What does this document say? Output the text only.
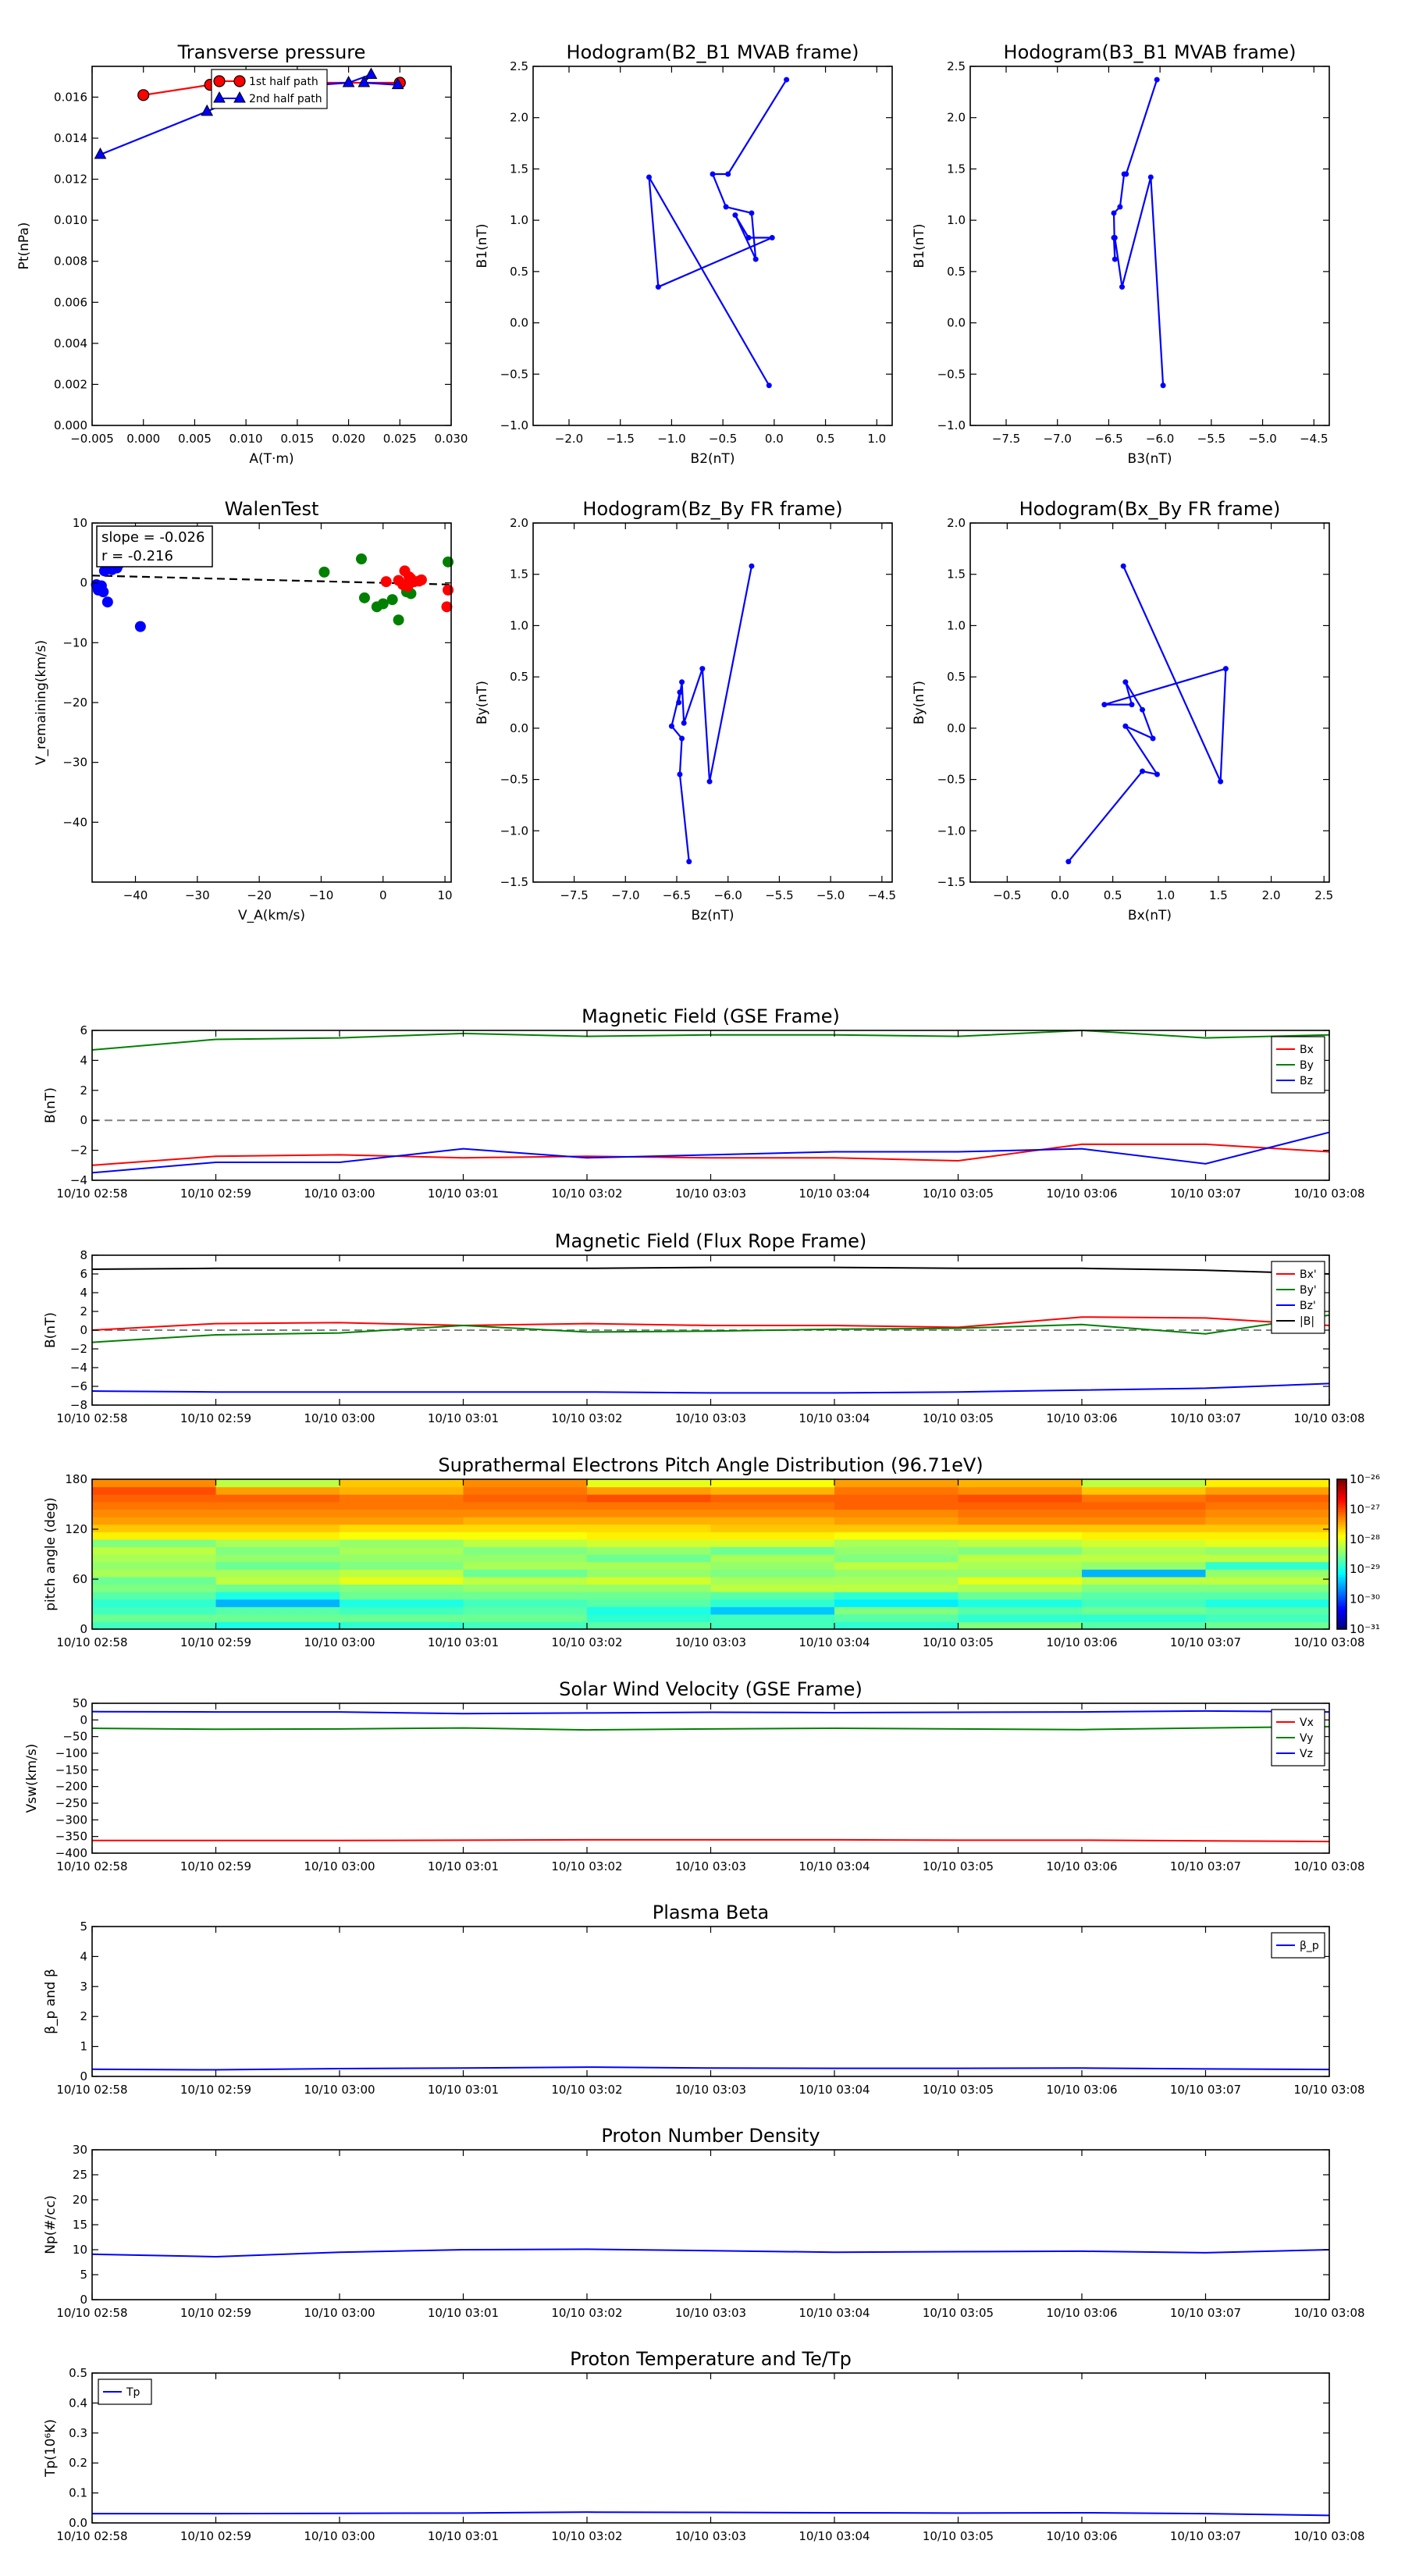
Transverse pressure
−0.005 0.000 0.005 0.010 0.015 0.020 0.025 0.030
0.000
0.002
0.004
0.006
0.008
0.010
0.012
0.014
0.016
A(T·m)
Pt(nPa)
1st half path
2nd half path
Hodogram(B2_B1 MVAB frame)
−2.0 −1.5 −1.0 −0.5 0.0	0.5	1.0
−1.0
−0.5
0.0
0.5
1.0
1.5
2.0
2.5
B2(nT)
B1(nT)
Hodogram(B3_B1 MVAB frame)
−7.5 −7.0 −6.5 −6.0 −5.5 −5.0 −4.5
−1.0
−0.5
0.0
0.5
1.0
1.5
2.0
2.5
B3(nT)
B1(nT)
WalenTest
−40	−30	−20	−10	0	10
−40
−30
−20
−10
0
10
V_A(km/s)
V_remaining(km/s)
slope = -0.026
r = -0.216
Hodogram(Bz_By FR frame)
−7.5 −7.0 −6.5 −6.0 −5.5 −5.0 −4.5
−1.5
−1.0
−0.5
0.0
0.5
1.0
1.5
2.0
Bz(nT)
By(nT)
Hodogram(Bx_By FR frame)
−0.5 0.0	0.5	1.0	1.5	2.0	2.5
−1.5
−1.0
−0.5
0.0
0.5
1.0
1.5
2.0
Bx(nT)
By(nT)
Magnetic Field (GSE Frame)
10/10 02:58	10/10 02:59	10/10 03:00	10/10 03:01	10/10 03:02	10/10 03:03	10/10 03:04	10/10 03:05	10/10 03:06	10/10 03:07	10/10 03:08
−4
−2
0
2
4
6
B(nT)
Bx
By
Bz
Magnetic Field (Flux Rope Frame)
10/10 02:58	10/10 02:59	10/10 03:00	10/10 03:01	10/10 03:02	10/10 03:03	10/10 03:04	10/10 03:05	10/10 03:06	10/10 03:07	10/10 03:08
−8
−6
−4
−2
0
2
4
6
8
B(nT)
Bx'
By'
Bz'
|B|
Suprathermal Electrons Pitch Angle Distribution (96.71eV)
10⁻²⁶
10⁻²⁷
10⁻²⁸
10⁻²⁹
10⁻³⁰
10⁻³¹
10/10 02:58	10/10 02:59	10/10 03:00	10/10 03:01	10/10 03:02	10/10 03:03	10/10 03:04	10/10 03:05	10/10 03:06	10/10 03:07	10/10 03:08
0
60
120
180
pitch angle (deg)
Solar Wind Velocity (GSE Frame)
10/10 02:58	10/10 02:59	10/10 03:00	10/10 03:01	10/10 03:02	10/10 03:03	10/10 03:04	10/10 03:05	10/10 03:06	10/10 03:07	10/10 03:08
−400
−350
−300
−250
−200
−150
−100
−50
0
50
Vsw(km/s)
Vx
Vy
Vz
Plasma Beta
10/10 02:58	10/10 02:59	10/10 03:00	10/10 03:01	10/10 03:02	10/10 03:03	10/10 03:04	10/10 03:05	10/10 03:06	10/10 03:07	10/10 03:08
0
1
2
3
4
5
β_p and β
β_p
Proton Number Density
10/10 02:58	10/10 02:59	10/10 03:00	10/10 03:01	10/10 03:02	10/10 03:03	10/10 03:04	10/10 03:05	10/10 03:06	10/10 03:07	10/10 03:08
0
5
10
15
20
25
30
Np(#/cc)
Proton Temperature and Te/Tp
10/10 02:58	10/10 02:59	10/10 03:00	10/10 03:01	10/10 03:02	10/10 03:03	10/10 03:04	10/10 03:05	10/10 03:06	10/10 03:07	10/10 03:08
0.0
0.1
0.2
0.3
0.4
0.5
Tp(10⁶K)
Tp
